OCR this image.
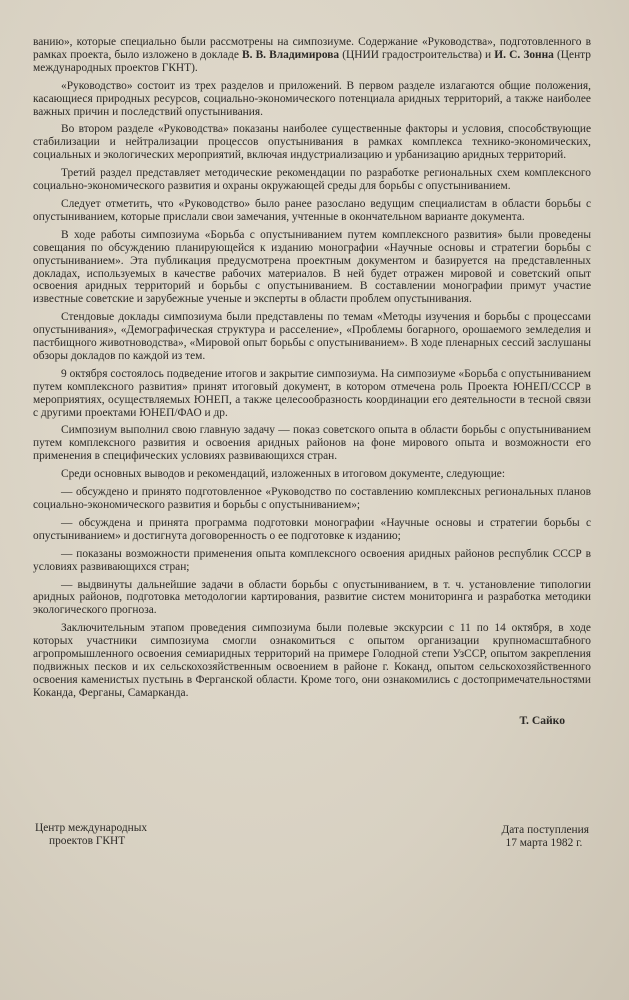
ванию», которые специально были рассмотрены на симпозиуме. Содержание «Руководства», подготовленного в рамках проекта, было изложено в докладе В. В. Владимирова (ЦНИИ градостроительства) и И. С. Зонна (Центр международных проектов ГКНТ).

«Руководство» состоит из трех разделов и приложений. В первом разделе излагаются общие положения, касающиеся природных ресурсов, социально-экономического потенциала аридных территорий, а также наиболее важных причин и последствий опустынивания.

Во втором разделе «Руководства» показаны наиболее существенные факторы и условия, способствующие стабилизации и нейтрализации процессов опустынивания в рамках комплекса технико-экономических, социальных и экологических мероприятий, включая индустриализацию и урбанизацию аридных территорий.

Третий раздел представляет методические рекомендации по разработке региональных схем комплексного социально-экономического развития и охраны окружающей среды для борьбы с опустыниванием.

Следует отметить, что «Руководство» было ранее разослано ведущим специалистам в области борьбы с опустыниванием, которые прислали свои замечания, учтенные в окончательном варианте документа.

В ходе работы симпозиума «Борьба с опустыниванием путем комплексного развития» были проведены совещания по обсуждению планирующейся к изданию монографии «Научные основы и стратегии борьбы с опустыниванием». Эта публикация предусмотрена проектным документом и базируется на представленных докладах, используемых в качестве рабочих материалов. В ней будет отражен мировой и советский опыт освоения аридных территорий и борьбы с опустыниванием. В составлении монографии примут участие известные советские и зарубежные ученые и эксперты в области проблем опустынивания.

Стендовые доклады симпозиума были представлены по темам «Методы изучения и борьбы с процессами опустынивания», «Демографическая структура и расселение», «Проблемы богарного, орошаемого земледелия и пастбищного животноводства», «Мировой опыт борьбы с опустыниванием». В ходе пленарных сессий заслушаны обзоры докладов по каждой из тем.

9 октября состоялось подведение итогов и закрытие симпозиума. На симпозиуме «Борьба с опустыниванием путем комплексного развития» принят итоговый документ, в котором отмечена роль Проекта ЮНЕП/СССР в мероприятиях, осуществляемых ЮНЕП, а также целесообразность координации его деятельности в тесной связи с другими проектами ЮНЕП/ФАО и др.

Симпозиум выполнил свою главную задачу — показ советского опыта в области борьбы с опустыниванием путем комплексного развития и освоения аридных районов на фоне мирового опыта и возможности его применения в специфических условиях развивающихся стран.

Среди основных выводов и рекомендаций, изложенных в итоговом документе, следующие:

— обсуждено и принято подготовленное «Руководство по составлению комплексных региональных планов социально-экономического развития и борьбы с опустыниванием»;

— обсуждена и принята программа подготовки монографии «Научные основы и стратегии борьбы с опустыниванием» и достигнута договоренность о ее подготовке к изданию;

— показаны возможности применения опыта комплексного освоения аридных районов республик СССР в условиях развивающихся стран;

— выдвинуты дальнейшие задачи в области борьбы с опустыниванием, в т. ч. установление типологии аридных районов, подготовка методологии картирования, развитие систем мониторинга и разработка методики экологического прогноза.

Заключительным этапом проведения симпозиума были полевые экскурсии с 11 по 14 октября, в ходе которых участники симпозиума смогли ознакомиться с опытом организации крупномасштабного агропромышленного освоения семиаридных территорий на примере Голодной степи УзССР, опытом закрепления подвижных песков и их сельскохозяйственным освоением в районе г. Коканд, опытом сельскохозяйственного освоения каменистых пустынь в Ферганской области. Кроме того, они ознакомились с достопримечательностями Коканда, Ферганы, Самарканда.

Т. Сайко
Центр международных
проектов ГКНТ
Дата поступления
17 марта 1982 г.
